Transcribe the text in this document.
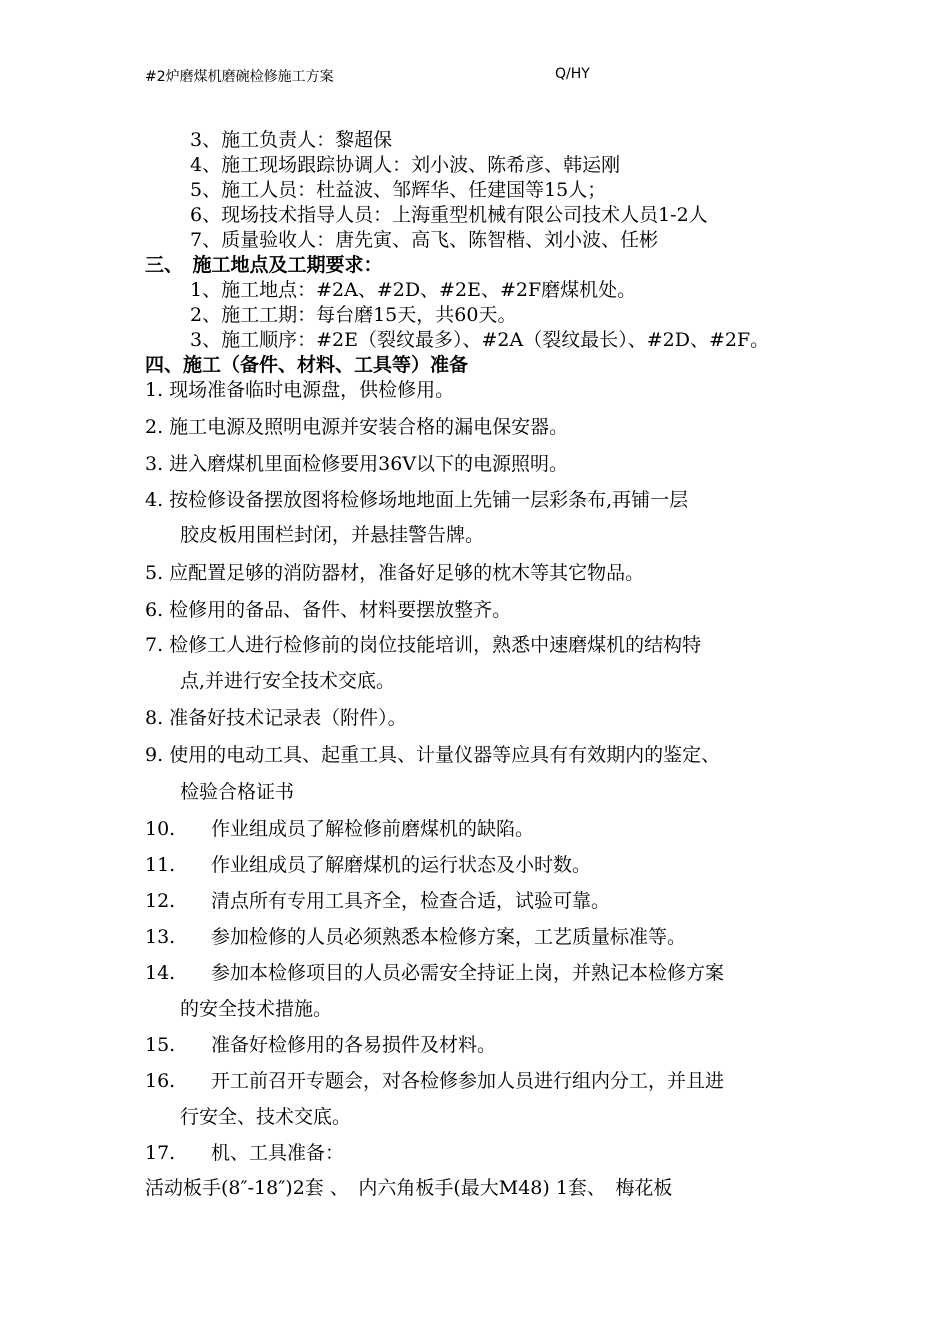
#2炉磨煤机磨碗检修施工方案	Q/HY
3、施工负责人：黎超保
4、施工现场跟踪协调人：刘小波、陈希彦、韩运刚
5、施工人员：杜益波、邹辉华、任建国等15人；
6、现场技术指导人员：上海重型机械有限公司技术人员1-2人
7、质量验收人：唐先寅、高飞、陈智楷、刘小波、任彬
三、　施工地点及工期要求：
1、施工地点：#2A、#2D、#2E、#2F磨煤机处。
2、施工工期：每台磨15天，共60天。
3、施工顺序：#2E（裂纹最多）、#2A（裂纹最长）、#2D、#2F。
四、施工（备件、材料、工具等）准备
1. 现场准备临时电源盘，供检修用。
2. 施工电源及照明电源并安装合格的漏电保安器。
3. 进入磨煤机里面检修要用36V以下的电源照明。
4. 按检修设备摆放图将检修场地地面上先铺一层彩条布,再铺一层
胶皮板用围栏封闭，并悬挂警告牌。
5. 应配置足够的消防器材，准备好足够的枕木等其它物品。
6. 检修用的备品、备件、材料要摆放整齐。
7. 检修工人进行检修前的岗位技能培训，熟悉中速磨煤机的结构特
点,并进行安全技术交底。
8. 准备好技术记录表（附件）。
9. 使用的电动工具、起重工具、计量仪器等应具有有效期内的鉴定、
检验合格证书
10. 作业组成员了解检修前磨煤机的缺陷。
11. 作业组成员了解磨煤机的运行状态及小时数。
12. 清点所有专用工具齐全，检查合适，试验可靠。
13. 参加检修的人员必须熟悉本检修方案，工艺质量标准等。
14. 参加本检修项目的人员必需安全持证上岗，并熟记本检修方案
的安全技术措施。
15. 准备好检修用的各易损件及材料。
16. 开工前召开专题会，对各检修参加人员进行组内分工，并且进
行安全、技术交底。
17. 机、工具准备：
活动板手(8″-18″)2套 、　内六角板手(最大M48) 1套、　梅花板
